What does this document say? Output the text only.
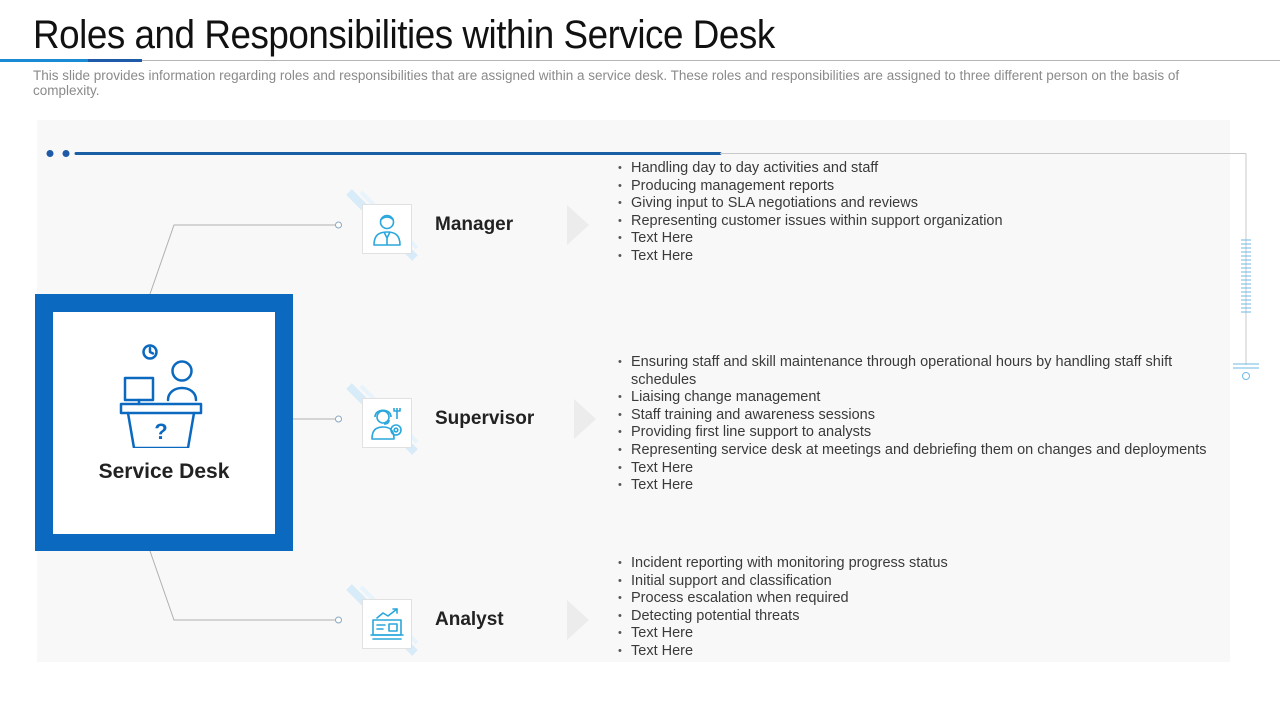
Roles and Responsibilities within Service Desk

This slide provides information regarding roles and responsibilities that are assigned within a service desk. These roles and responsibilities are assigned to three different person on the basis of complexity.

?
Service Desk
Manager
• Handling day to day activities and staff
• Producing management reports
• Giving input to SLA negotiations and reviews
• Representing customer issues within support organization
• Text Here
• Text Here
Supervisor
• Ensuring staff and skill maintenance through operational hours by handling staff shift schedules
• Liaising change management
• Staff training and awareness sessions
• Providing first line support to analysts
• Representing service desk at meetings and debriefing them on changes and deployments
• Text Here
• Text Here
Analyst
• Incident reporting with monitoring progress status
• Initial support and classification
• Process escalation when required
• Detecting potential threats
• Text Here
• Text Here
